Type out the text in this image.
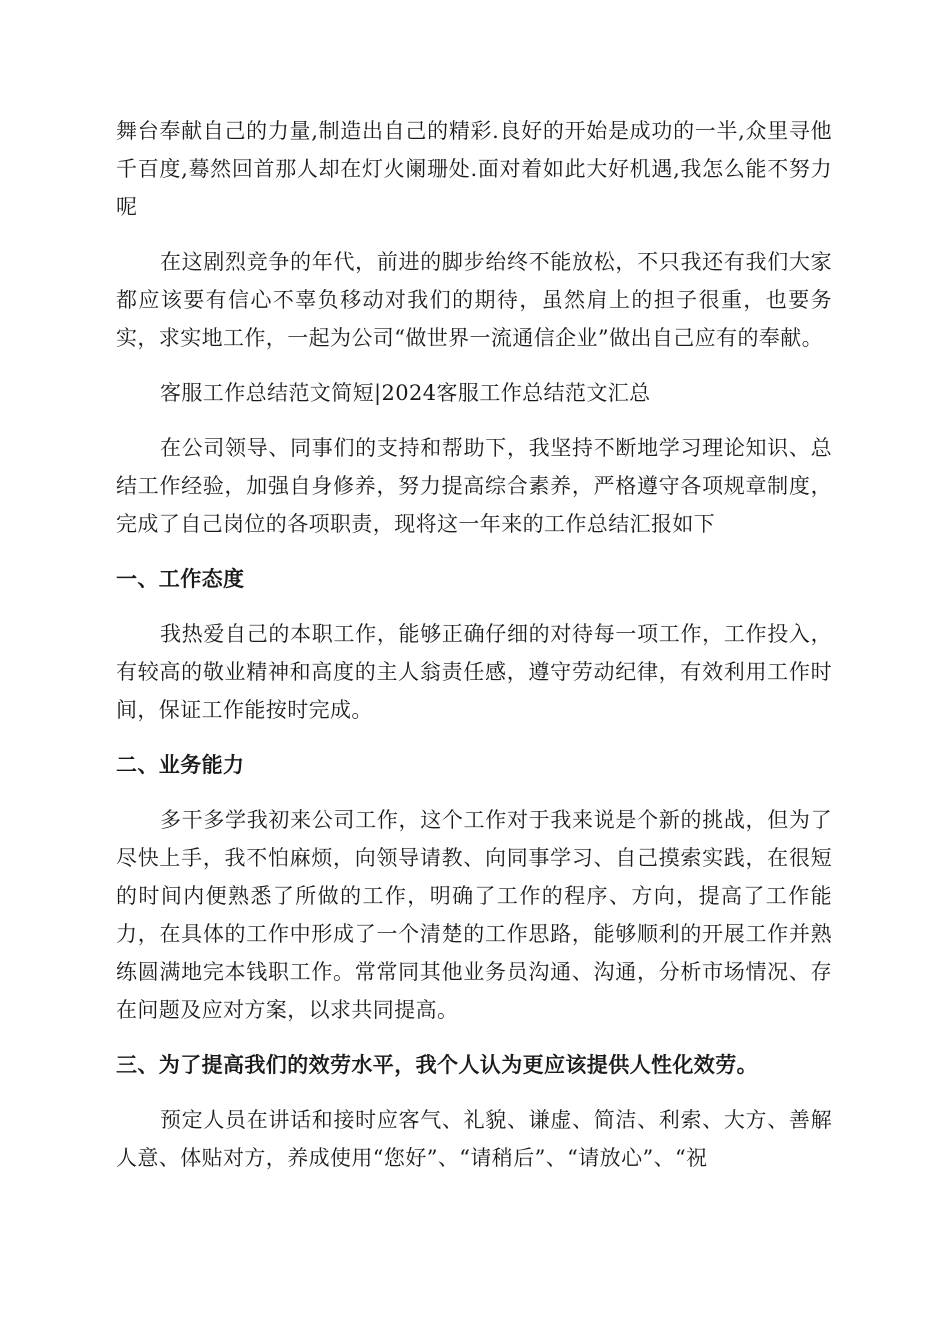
舞台奉献自己的力量,制造出自己的精彩.良好的开始是成功的一半,众里寻他千百度,蓦然回首那人却在灯火阑珊处.面对着如此大好机遇,我怎么能不努力呢

在这剧烈竞争的年代，前进的脚步绐终不能放松，不只我还有我们大家都应该要有信心不辜负移动对我们的期待，虽然肩上的担子很重，也要务实，求实地工作，一起为公司“做世界一流通信企业”做出自己应有的奉献。

客服工作总结范文简短|2024客服工作总结范文汇总

在公司领导、同事们的支持和帮助下，我坚持不断地学习理论知识、总结工作经验，加强自身修养，努力提高综合素养，严格遵守各项规章制度，完成了自己岗位的各项职责，现将这一年来的工作总结汇报如下

一、工作态度

我热爱自己的本职工作，能够正确仔细的对待每一项工作，工作投入，有较高的敬业精神和高度的主人翁责任感，遵守劳动纪律，有效利用工作时间，保证工作能按时完成。

二、业务能力

多干多学我初来公司工作，这个工作对于我来说是个新的挑战，但为了尽快上手，我不怕麻烦，向领导请教、向同事学习、自己摸索实践，在很短的时间内便熟悉了所做的工作，明确了工作的程序、方向，提高了工作能力，在具体的工作中形成了一个清楚的工作思路，能够顺利的开展工作并熟练圆满地完本钱职工作。常常同其他业务员沟通、沟通，分析市场情况、存在问题及应对方案，以求共同提高。

三、为了提高我们的效劳水平，我个人认为更应该提供人性化效劳。

预定人员在讲话和接时应客气、礼貌、谦虚、简洁、利索、大方、善解人意、体贴对方，养成使用“您好”、“请稍后”、“请放心”、“祝
